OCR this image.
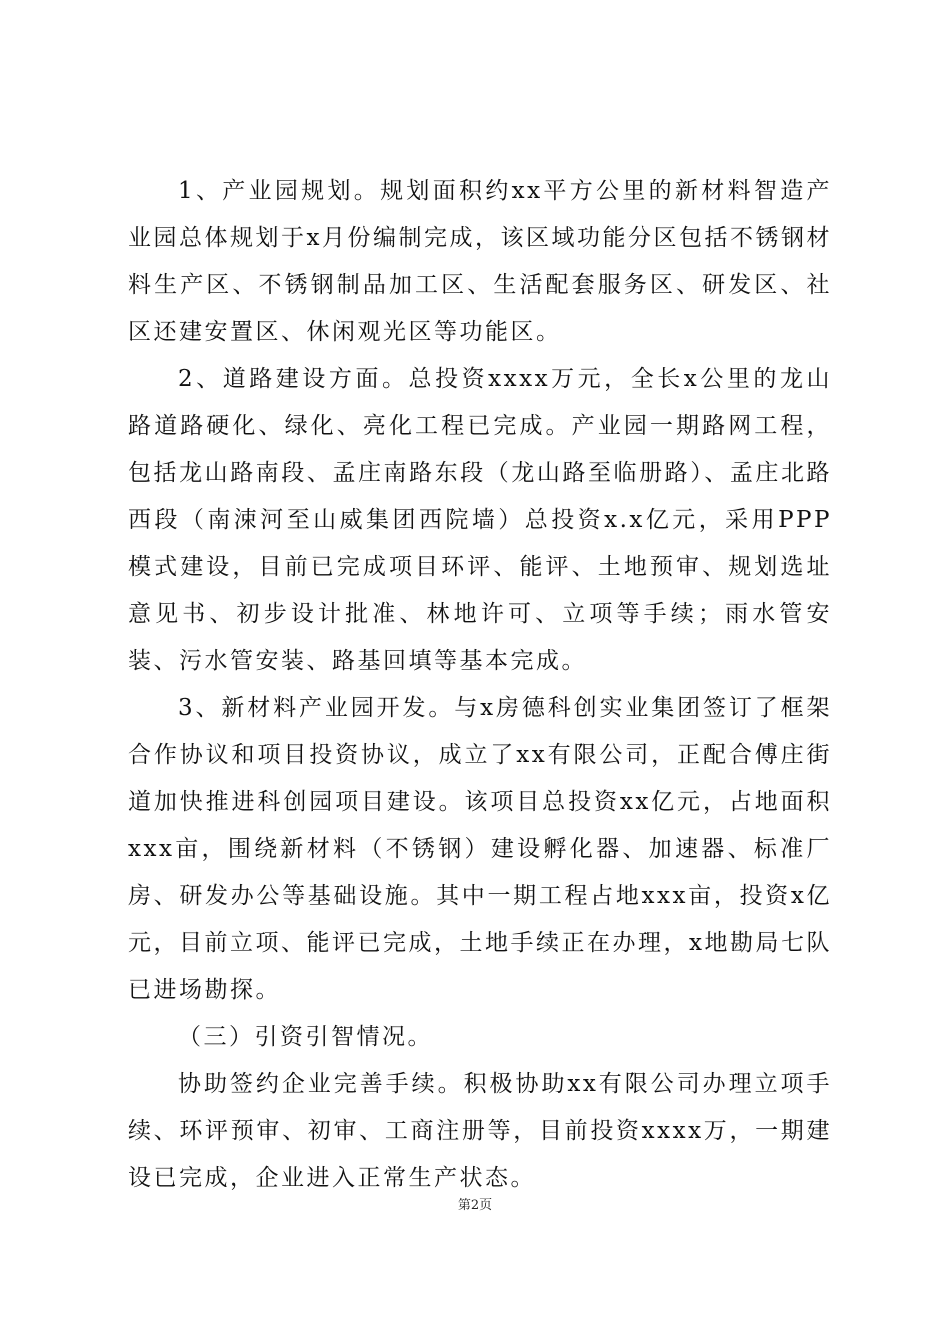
1、产业园规划。规划面积约xx平方公里的新材料智造产业园总体规划于x月份编制完成，该区域功能分区包括不锈钢材料生产区、不锈钢制品加工区、生活配套服务区、研发区、社区还建安置区、休闲观光区等功能区。

2、道路建设方面。总投资xxxx万元，全长x公里的龙山路道路硬化、绿化、亮化工程已完成。产业园一期路网工程，包括龙山路南段、孟庄南路东段（龙山路至临册路）、孟庄北路西段（南涑河至山威集团西院墙）总投资x.x亿元，采用PPP模式建设，目前已完成项目环评、能评、土地预审、规划选址意见书、初步设计批准、林地许可、立项等手续；雨水管安装、污水管安装、路基回填等基本完成。

3、新材料产业园开发。与x房德科创实业集团签订了框架合作协议和项目投资协议，成立了xx有限公司，正配合傅庄街道加快推进科创园项目建设。该项目总投资xx亿元，占地面积xxx亩，围绕新材料（不锈钢）建设孵化器、加速器、标准厂房、研发办公等基础设施。其中一期工程占地xxx亩，投资x亿元，目前立项、能评已完成，土地手续正在办理，x地勘局七队已进场勘探。

（三）引资引智情况。

协助签约企业完善手续。积极协助xx有限公司办理立项手续、环评预审、初审、工商注册等，目前投资xxxx万，一期建设已完成，企业进入正常生产状态。

第2页
